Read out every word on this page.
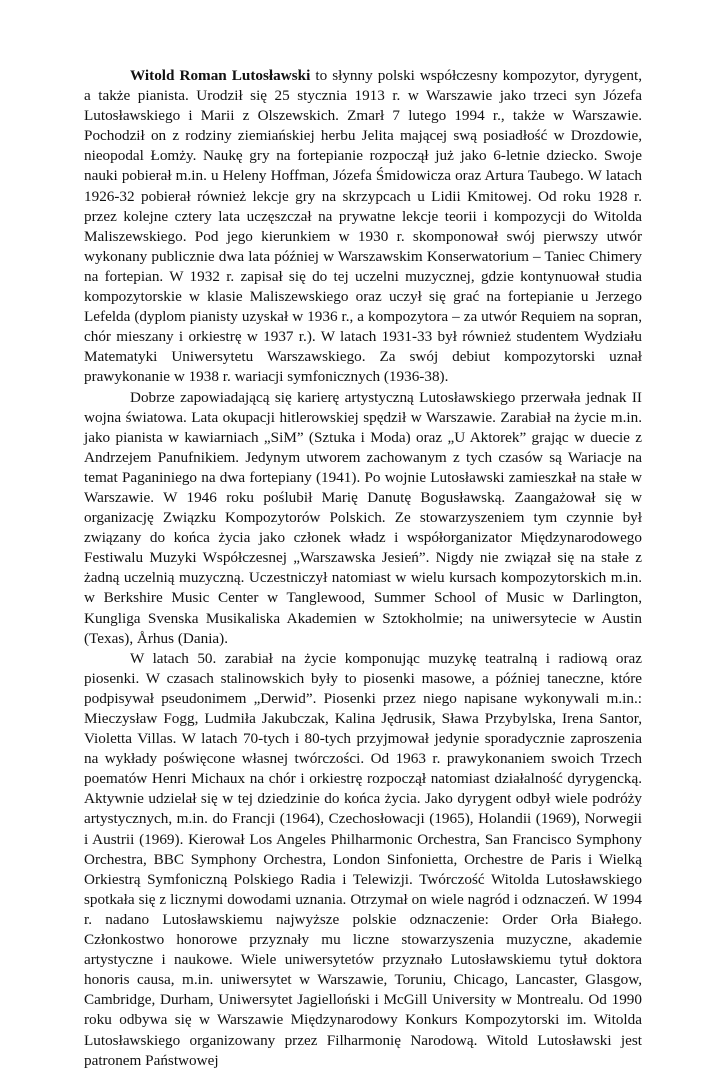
Witold Roman Lutosławski to słynny polski współczesny kompozytor, dyrygent, a także pianista. Urodził się 25 stycznia 1913 r. w Warszawie jako trzeci syn Józefa Lutosławskiego i Marii z Olszewskich. Zmarł 7 lutego 1994 r., także w Warszawie. Pochodził on z rodziny ziemiańskiej herbu Jelita mającej swą posiadłość w Drozdowie, nieopodal Łomży. Naukę gry na fortepianie rozpoczął już jako 6-letnie dziecko. Swoje nauki pobierał m.in. u Heleny Hoffman, Józefa Śmidowicza oraz Artura Taubego. W latach 1926-32 pobierał również lekcje gry na skrzypcach u Lidii Kmitowej. Od roku 1928 r. przez kolejne cztery lata uczęszczał na prywatne lekcje teorii i kompozycji do Witolda Maliszewskiego. Pod jego kierunkiem w 1930 r. skomponował swój pierwszy utwór wykonany publicznie dwa lata później w Warszawskim Konserwatorium – Taniec Chimery na fortepian. W 1932 r. zapisał się do tej uczelni muzycznej, gdzie kontynuował studia kompozytorskie w klasie Maliszewskiego oraz uczył się grać na fortepianie u Jerzego Lefelda (dyplom pianisty uzyskał w 1936 r., a kompozytora – za utwór Requiem na sopran, chór mieszany i orkiestrę w 1937 r.). W latach 1931-33 był również studentem Wydziału Matematyki Uniwersytetu Warszawskiego. Za swój debiut kompozytorski uznał prawykonanie w 1938 r. wariacji symfonicznych (1936-38).

Dobrze zapowiadającą się karierę artystyczną Lutosławskiego przerwała jednak II wojna światowa. Lata okupacji hitlerowskiej spędził w Warszawie. Zarabiał na życie m.in. jako pianista w kawiarniach „SiM” (Sztuka i Moda) oraz „U Aktorek” grając w duecie z Andrzejem Panufnikiem. Jedynym utworem zachowanym z tych czasów są Wariacje na temat Paganiniego na dwa fortepiany (1941). Po wojnie Lutosławski zamieszkał na stałe w Warszawie. W 1946 roku poślubił Marię Danutę Bogusławską. Zaangażował się w organizację Związku Kompozytorów Polskich. Ze stowarzyszeniem tym czynnie był związany do końca życia jako członek władz i współorganizator Międzynarodowego Festiwalu Muzyki Współczesnej „Warszawska Jesień”. Nigdy nie związał się na stałe z żadną uczelnią muzyczną. Uczestniczył natomiast w wielu kursach kompozytorskich m.in. w Berkshire Music Center w Tanglewood, Summer School of Music w Darlington, Kungliga Svenska Musikaliska Akademien w Sztokholmie; na uniwersytecie w Austin (Texas), Århus (Dania).

W latach 50. zarabiał na życie komponując muzykę teatralną i radiową oraz piosenki. W czasach stalinowskich były to piosenki masowe, a później taneczne, które podpisywał pseudonimem „Derwid”. Piosenki przez niego napisane wykonywali m.in.: Mieczysław Fogg, Ludmiła Jakubczak, Kalina Jędrusik, Sława Przybylska, Irena Santor, Violetta Villas. W latach 70-tych i 80-tych przyjmował jedynie sporadycznie zaproszenia na wykłady poświęcone własnej twórczości. Od 1963 r. prawykonaniem swoich Trzech poematów Henri Michaux na chór i orkiestrę rozpoczął natomiast działalność dyrygencką. Aktywnie udzielał się w tej dziedzinie do końca życia. Jako dyrygent odbył wiele podróży artystycznych, m.in. do Francji (1964), Czechosłowacji (1965), Holandii (1969), Norwegii i Austrii (1969). Kierował Los Angeles Philharmonic Orchestra, San Francisco Symphony Orchestra, BBC Symphony Orchestra, London Sinfonietta, Orchestre de Paris i Wielką Orkiestrą Symfoniczną Polskiego Radia i Telewizji. Twórczość Witolda Lutosławskiego spotkała się z licznymi dowodami uznania. Otrzymał on wiele nagród i odznaczeń. W 1994 r. nadano Lutosławskiemu najwyższe polskie odznaczenie: Order Orła Białego. Członkostwo honorowe przyznały mu liczne stowarzyszenia muzyczne, akademie artystyczne i naukowe. Wiele uniwersytetów przyznało Lutosławskiemu tytuł doktora honoris causa, m.in. uniwersytet w Warszawie, Toruniu, Chicago, Lancaster, Glasgow, Cambridge, Durham, Uniwersytet Jagielloński i McGill University w Montrealu. Od 1990 roku odbywa się w Warszawie Międzynarodowy Konkurs Kompozytorski im. Witolda Lutosławskiego organizowany przez Filharmonię Narodową. Witold Lutosławski jest patronem Państwowej
